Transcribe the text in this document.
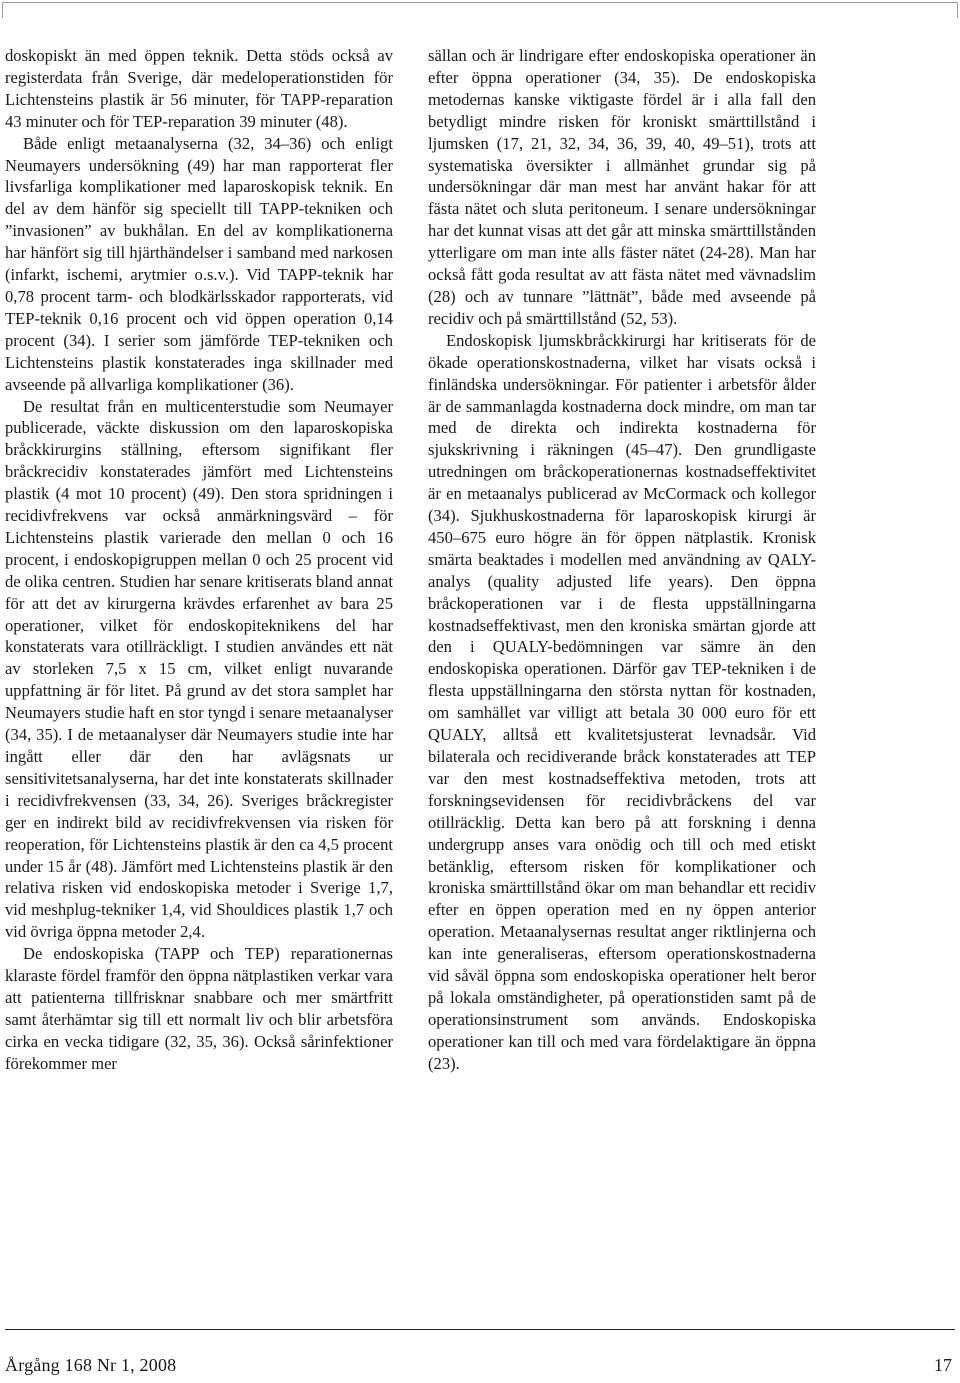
doskopiskt än med öppen teknik. Detta stöds också av registerdata från Sverige, där medeloperationstiden för Lichtensteins plastik är 56 minuter, för TAPP-reparation 43 minuter och för TEP-reparation 39 minuter (48).

Både enligt metaanalyserna (32, 34–36) och enligt Neumayers undersökning (49) har man rapporterat fler livsfarliga komplikationer med laparoskopisk teknik. En del av dem hänför sig speciellt till TAPP-tekniken och ”invasionen” av bukhålan. En del av komplikationerna har hänfört sig till hjärthändelser i samband med narkosen (infarkt, ischemi, arytmier o.s.v.). Vid TAPP-teknik har 0,78 procent tarm- och blodkärlsskador rapporterats, vid TEP-teknik 0,16 procent och vid öppen operation 0,14 procent (34). I serier som jämförde TEP-tekniken och Lichtensteins plastik konstaterades inga skillnader med avseende på allvarliga komplikationer (36).

De resultat från en multicenterstudie som Neumayer publicerade, väckte diskussion om den laparoskopiska bråckkirurgins ställning, eftersom signifikant fler bråckrecidiv konstaterades jämfört med Lichtensteins plastik (4 mot 10 procent) (49). Den stora spridningen i recidivfrekvens var också anmärkningsvärd – för Lichtensteins plastik varierade den mellan 0 och 16 procent, i endoskopigruppen mellan 0 och 25 procent vid de olika centren. Studien har senare kritiserats bland annat för att det av kirurgerna krävdes erfarenhet av bara 25 operationer, vilket för endoskopiteknikens del har konstaterats vara otillräckligt. I studien användes ett nät av storleken 7,5 x 15 cm, vilket enligt nuvarande uppfattning är för litet. På grund av det stora samplet har Neumayers studie haft en stor tyngd i senare metaanalyser (34, 35). I de metaanalyser där Neumayers studie inte har ingått eller där den har avlägsnats ur sensitivitetsanalyserna, har det inte konstaterats skillnader i recidivfrekvensen (33, 34, 26). Sveriges bråckregister ger en indirekt bild av recidivfrekvensen via risken för reoperation, för Lichtensteins plastik är den ca 4,5 procent under 15 år (48). Jämfört med Lichtensteins plastik är den relativa risken vid endoskopiska metoder i Sverige 1,7, vid meshplug-tekniker 1,4, vid Shouldices plastik 1,7 och vid övriga öppna metoder 2,4.

De endoskopiska (TAPP och TEP) reparationernas klaraste fördel framför den öppna nätplastiken verkar vara att patienterna tillfrisknar snabbare och mer smärtfritt samt återhämtar sig till ett normalt liv och blir arbetsföra cirka en vecka tidigare (32, 35, 36). Också sårinfektioner förekommer mer

sällan och är lindrigare efter endoskopiska operationer än efter öppna operationer (34, 35). De endoskopiska metodernas kanske viktigaste fördel är i alla fall den betydligt mindre risken för kroniskt smärttillstånd i ljumsken (17, 21, 32, 34, 36, 39, 40, 49–51), trots att systematiska översikter i allmänhet grundar sig på undersökningar där man mest har använt hakar för att fästa nätet och sluta peritoneum. I senare undersökningar har det kunnat visas att det går att minska smärttillstånden ytterligare om man inte alls fäster nätet (24-28). Man har också fått goda resultat av att fästa nätet med vävnadslim (28) och av tunnare ”lättnät”, både med avseende på recidiv och på smärttillstånd (52, 53).

Endoskopisk ljumskbråckkirurgi har kritiserats för de ökade operationskostnaderna, vilket har visats också i finländska undersökningar. För patienter i arbetsför ålder är de sammanlagda kostnaderna dock mindre, om man tar med de direkta och indirekta kostnaderna för sjukskrivning i räkningen (45–47). Den grundligaste utredningen om bråckoperationernas kostnadseffektivitet är en metaanalys publicerad av McCormack och kollegor (34). Sjukhuskostnaderna för laparoskopisk kirurgi är 450–675 euro högre än för öppen nätplastik. Kronisk smärta beaktades i modellen med användning av QALY-analys (quality adjusted life years). Den öppna bråckoperationen var i de flesta uppställningarna kostnadseffektivast, men den kroniska smärtan gjorde att den i QUALY-bedömningen var sämre än den endoskopiska operationen. Därför gav TEP-tekniken i de flesta uppställningarna den största nyttan för kostnaden, om samhället var villigt att betala 30 000 euro för ett QUALY, alltså ett kvalitetsjusterat levnadsår. Vid bilaterala och recidiverande bråck konstaterades att TEP var den mest kostnadseffektiva metoden, trots att forskningsevidensen för recidivbråckens del var otillräcklig. Detta kan bero på att forskning i denna undergrupp anses vara onödig och till och med etiskt betänklig, eftersom risken för komplikationer och kroniska smärttillstånd ökar om man behandlar ett recidiv efter en öppen operation med en ny öppen anterior operation. Metaanalysernas resultat anger riktlinjerna och kan inte generaliseras, eftersom operationskostnaderna vid såväl öppna som endoskopiska operationer helt beror på lokala omständigheter, på operationstiden samt på de operationsinstrument som används. Endoskopiska operationer kan till och med vara fördelaktigare än öppna (23).

Årgång 168 Nr 1, 2008	17
